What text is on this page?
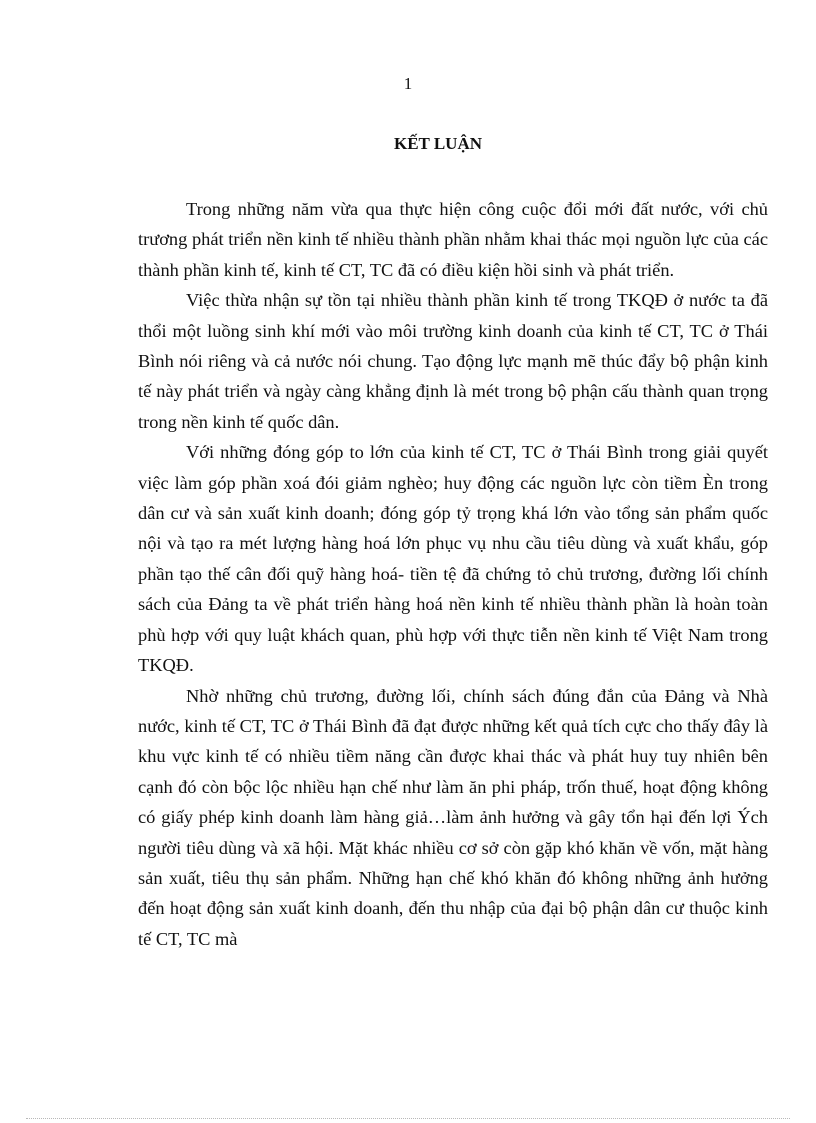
1
KẾT LUẬN

Trong những năm vừa qua thực hiện công cuộc đổi mới đất nước, với chủ trương phát triển nền kinh tế nhiều thành phần nhằm khai thác mọi nguồn lực của các thành phần kinh tế, kinh tế CT, TC đã có điều kiện hồi sinh và phát triển.

Việc thừa nhận sự tồn tại nhiều thành phần kinh tế trong TKQĐ ở nước ta đã thổi một luồng sinh khí mới vào môi trường kinh doanh của kinh tế CT, TC ở Thái Bình nói riêng và cả nước nói chung. Tạo động lực mạnh mẽ thúc đẩy bộ phận kinh tế này phát triển và ngày càng khẳng định là mét trong bộ phận cấu thành quan trọng trong nền kinh tế quốc dân.

Với những đóng góp to lớn của kinh tế CT, TC ở Thái Bình trong giải quyết việc làm góp phần xoá đói giảm nghèo; huy động các nguồn lực còn tiềm Èn trong dân cư và sản xuất kinh doanh; đóng góp tỷ trọng khá lớn vào tổng sản phẩm quốc nội và tạo ra mét lượng hàng hoá lớn phục vụ nhu cầu tiêu dùng và xuất khẩu, góp phần tạo thế cân đối quỹ hàng hoá- tiền tệ đã chứng tỏ chủ trương, đường lối chính sách của Đảng ta về phát triển hàng hoá nền kinh tế nhiều thành phần là hoàn toàn phù hợp với quy luật khách quan, phù hợp với thực tiễn nền kinh tế Việt Nam trong TKQĐ.

Nhờ những chủ trương, đường lối, chính sách đúng đắn của Đảng và Nhà nước, kinh tế CT, TC ở Thái Bình đã đạt được những kết quả tích cực cho thấy đây là khu vực kinh tế có nhiều tiềm năng cần được khai thác và phát huy tuy nhiên bên cạnh đó còn bộc lộc nhiều hạn chế như làm ăn phi pháp, trốn thuế, hoạt động không có giấy phép kinh doanh làm hàng giả…làm ảnh hưởng và gây tổn hại đến lợi Ých người tiêu dùng và xã hội. Mặt khác nhiều cơ sở còn gặp khó khăn về vốn, mặt hàng sản xuất, tiêu thụ sản phẩm. Những hạn chế khó khăn đó không những ảnh hưởng đến hoạt động sản xuất kinh doanh, đến thu nhập của đại bộ phận dân cư thuộc kinh tế CT, TC mà
